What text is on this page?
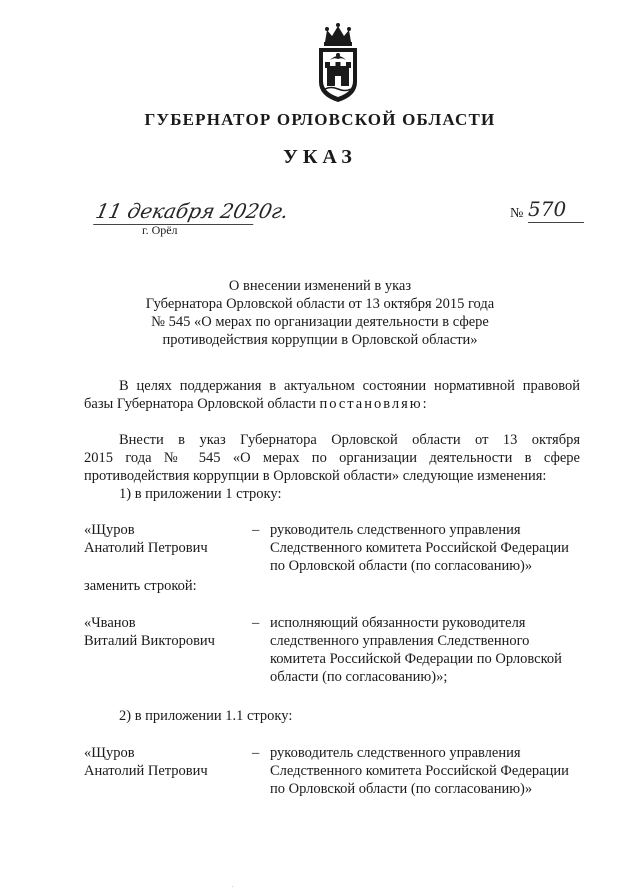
ГУБЕРНАТОР ОРЛОВСКОЙ ОБЛАСТИ
УКАЗ
11 декабря 2020г.
г. Орёл
№ 570
О внесении изменений в указ
Губернатора Орловской области от 13 октября 2015 года
№ 545 «О мерах по организации деятельности в сфере
противодействия коррупции в Орловской области»
В целях поддержания в актуальном состоянии нормативной правовой
базы Губернатора Орловской области постановляю:
Внести в указ Губернатора Орловской области от 13 октября
2015 года № 545 «О мерах по организации деятельности в сфере
противодействия коррупции в Орловской области» следующие изменения:
1) в приложении 1 строку:
«Щуров
Анатолий Петрович
– руководитель следственного управления
Следственного комитета Российской Федерации
по Орловской области (по согласованию)»
заменить строкой:
«Чванов
Виталий Викторович
– исполняющий обязанности руководителя
следственного управления Следственного
комитета Российской Федерации по Орловской
области (по согласованию)»;
2) в приложении 1.1 строку:
«Щуров
Анатолий Петрович
– руководитель следственного управления
Следственного комитета Российской Федерации
по Орловской области (по согласованию)»
.
